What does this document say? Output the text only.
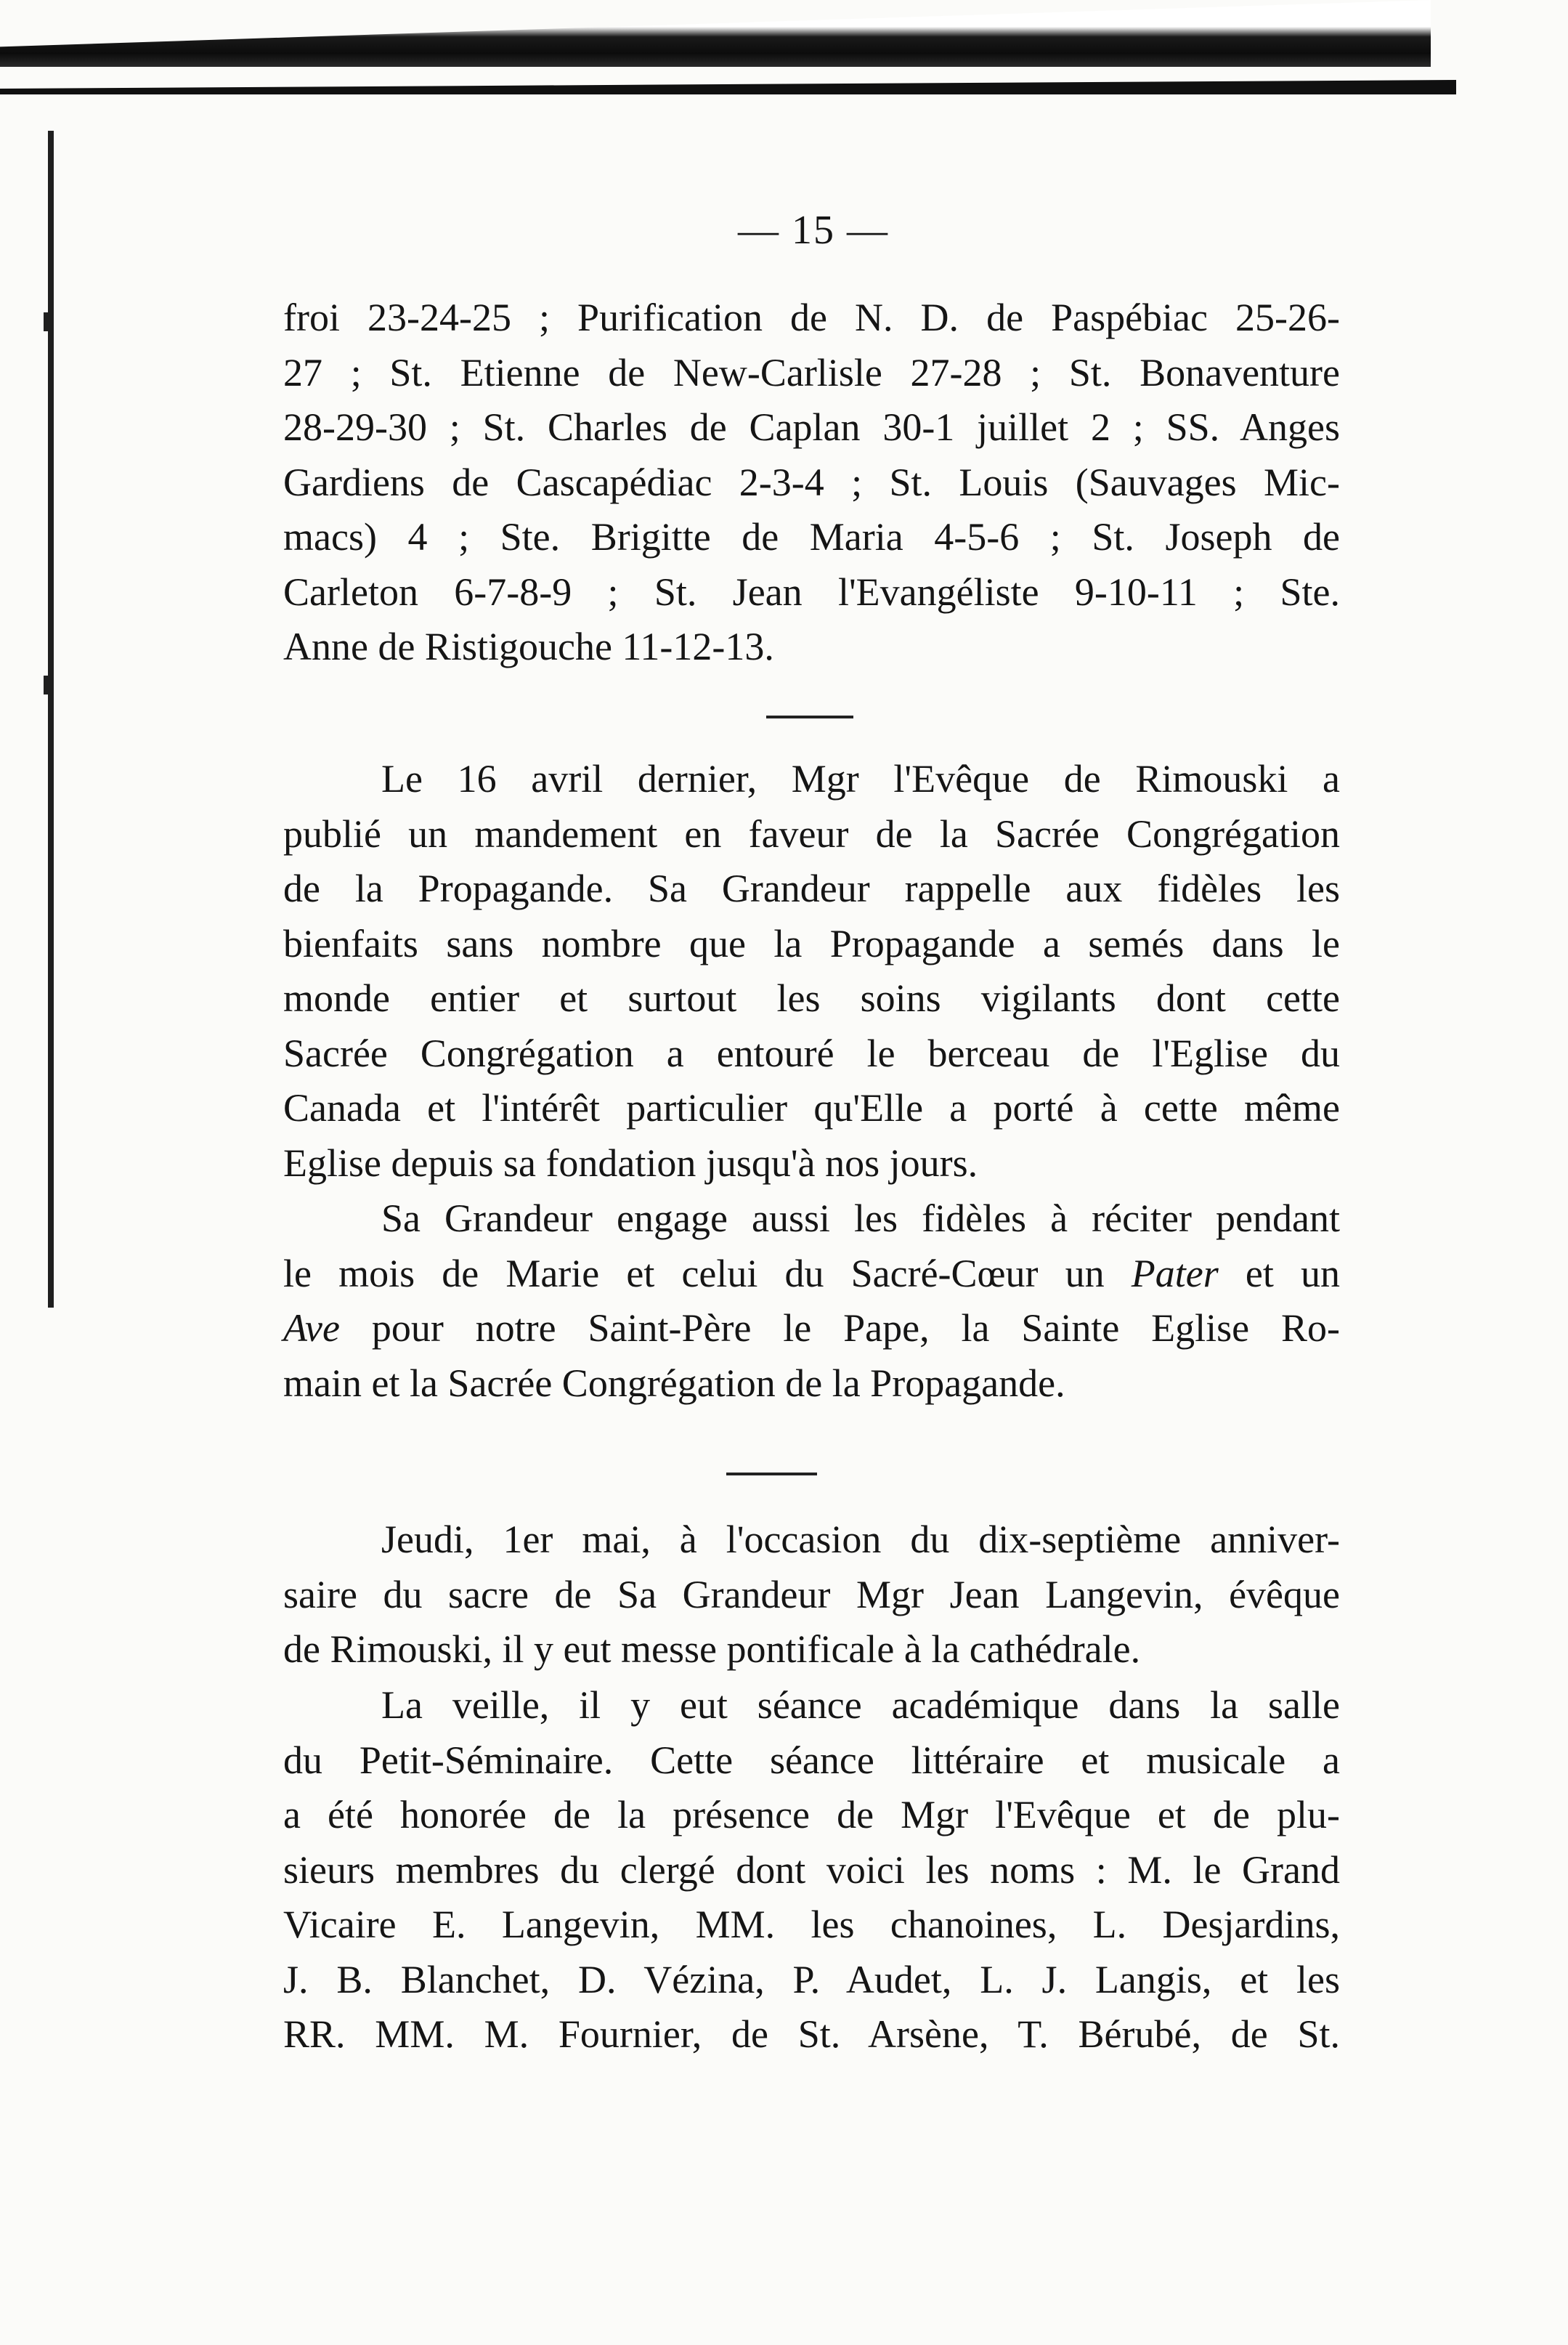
— 15 —
froi 23-24-25 ; Purification de N. D. de Paspébiac 25-26-
27 ; St. Etienne de New-Carlisle 27-28 ; St. Bonaventure
28-29-30 ; St. Charles de Caplan 30-1 juillet 2 ; SS. Anges
Gardiens de Cascapédiac 2-3-4 ; St. Louis (Sauvages Mic-
macs) 4 ; Ste. Brigitte de Maria 4-5-6 ; St. Joseph de
Carleton 6-7-8-9 ; St. Jean l'Evangéliste 9-10-11 ; Ste.
Anne de Ristigouche 11-12-13.
Le 16 avril dernier, Mgr l'Evêque de Rimouski a
publié un mandement en faveur de la Sacrée Congrégation
de la Propagande. Sa Grandeur rappelle aux fidèles les
bienfaits sans nombre que la Propagande a semés dans le
monde entier et surtout les soins vigilants dont cette
Sacrée Congrégation a entouré le berceau de l'Eglise du
Canada et l'intérêt particulier qu'Elle a porté à cette même
Eglise depuis sa fondation jusqu'à nos jours.
Sa Grandeur engage aussi les fidèles à réciter pendant
le mois de Marie et celui du Sacré-Cœur un Pater et un
Ave pour notre Saint-Père le Pape, la Sainte Eglise Ro-
main et la Sacrée Congrégation de la Propagande.
Jeudi, 1er mai, à l'occasion du dix-septième anniver-
saire du sacre de Sa Grandeur Mgr Jean Langevin, évêque
de Rimouski, il y eut messe pontificale à la cathédrale.
La veille, il y eut séance académique dans la salle
du Petit-Séminaire. Cette séance littéraire et musicale a
a été honorée de la présence de Mgr l'Evêque et de plu-
sieurs membres du clergé dont voici les noms : M. le Grand
Vicaire E. Langevin, MM. les chanoines, L. Desjardins,
J. B. Blanchet, D. Vézina, P. Audet, L. J. Langis, et les
RR. MM. M. Fournier, de St. Arsène, T. Bérubé, de St.
